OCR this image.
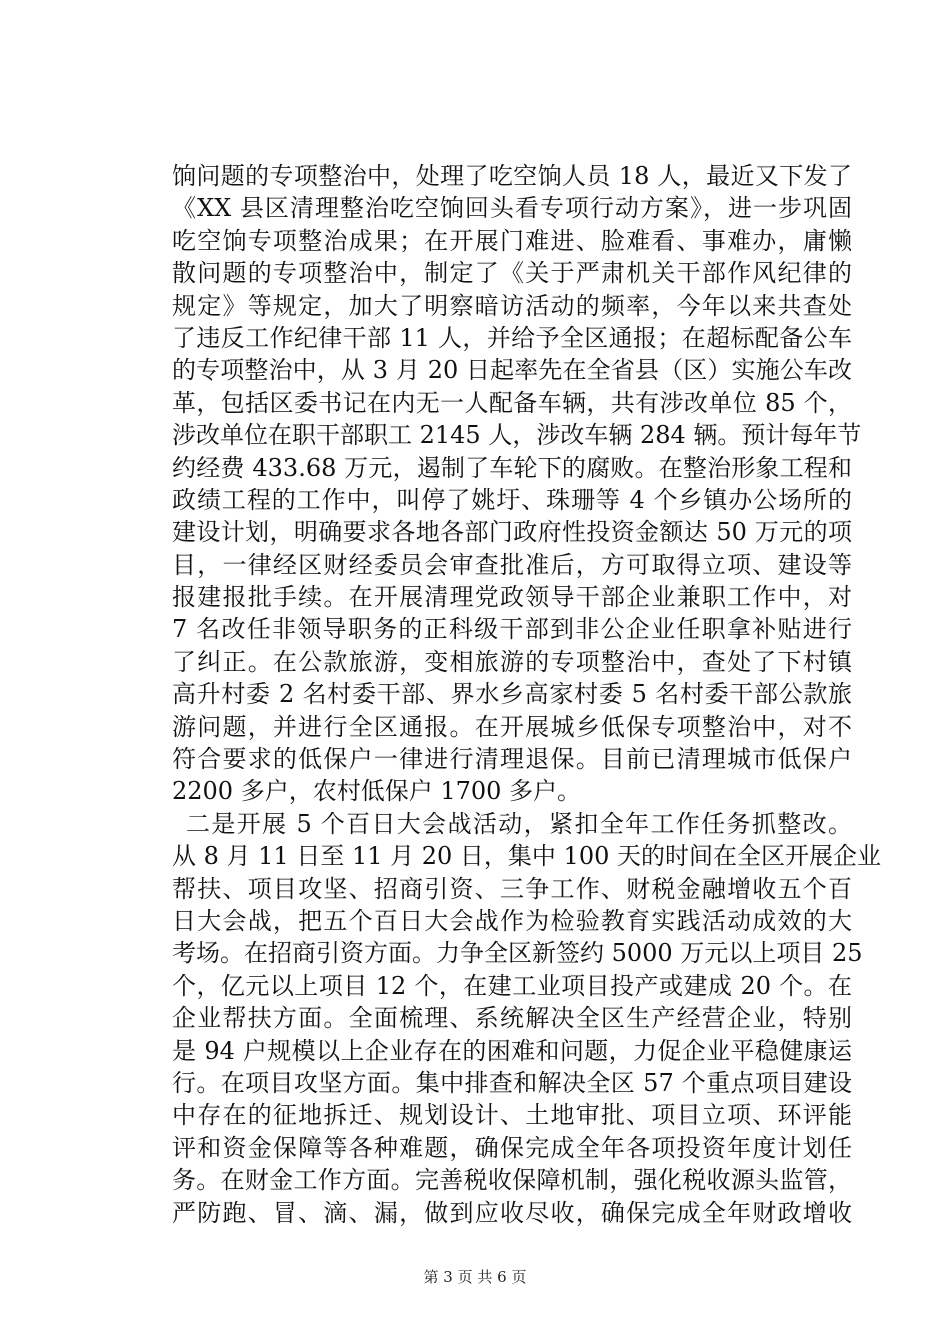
饷问题的专项整治中，处理了吃空饷人员 18 人，最近又下发了
《XX 县区清理整治吃空饷回头看专项行动方案》，进一步巩固
吃空饷专项整治成果；在开展门难进、脸难看、事难办，庸懒
散问题的专项整治中，制定了《关于严肃机关干部作风纪律的
规定》等规定，加大了明察暗访活动的频率，今年以来共查处
了违反工作纪律干部 11 人，并给予全区通报；在超标配备公车
的专项整治中，从 3 月 20 日起率先在全省县（区）实施公车改
革，包括区委书记在内无一人配备车辆，共有涉改单位 85 个，
涉改单位在职干部职工 2145 人，涉改车辆 284 辆。预计每年节
约经费 433.68 万元，遏制了车轮下的腐败。在整治形象工程和
政绩工程的工作中，叫停了姚圩、珠珊等 4 个乡镇办公场所的
建设计划，明确要求各地各部门政府性投资金额达 50 万元的项
目，一律经区财经委员会审查批准后，方可取得立项、建设等
报建报批手续。在开展清理党政领导干部企业兼职工作中，对
7 名改任非领导职务的正科级干部到非公企业任职拿补贴进行
了纠正。在公款旅游，变相旅游的专项整治中，查处了下村镇
高升村委 2 名村委干部、界水乡高家村委 5 名村委干部公款旅
游问题，并进行全区通报。在开展城乡低保专项整治中，对不
符合要求的低保户一律进行清理退保。目前已清理城市低保户
2200 多户，农村低保户 1700 多户。
二是开展 5 个百日大会战活动，紧扣全年工作任务抓整改。
从 8 月 11 日至 11 月 20 日，集中 100 天的时间在全区开展企业
帮扶、项目攻坚、招商引资、三争工作、财税金融增收五个百
日大会战，把五个百日大会战作为检验教育实践活动成效的大
考场。在招商引资方面。力争全区新签约 5000 万元以上项目 25
个，亿元以上项目 12 个，在建工业项目投产或建成 20 个。在
企业帮扶方面。全面梳理、系统解决全区生产经营企业，特别
是 94 户规模以上企业存在的困难和问题，力促企业平稳健康运
行。在项目攻坚方面。集中排查和解决全区 57 个重点项目建设
中存在的征地拆迁、规划设计、土地审批、项目立项、环评能
评和资金保障等各种难题，确保完成全年各项投资年度计划任
务。在财金工作方面。完善税收保障机制，强化税收源头监管，
严防跑、冒、滴、漏，做到应收尽收，确保完成全年财政增收
第 3 页 共 6 页
